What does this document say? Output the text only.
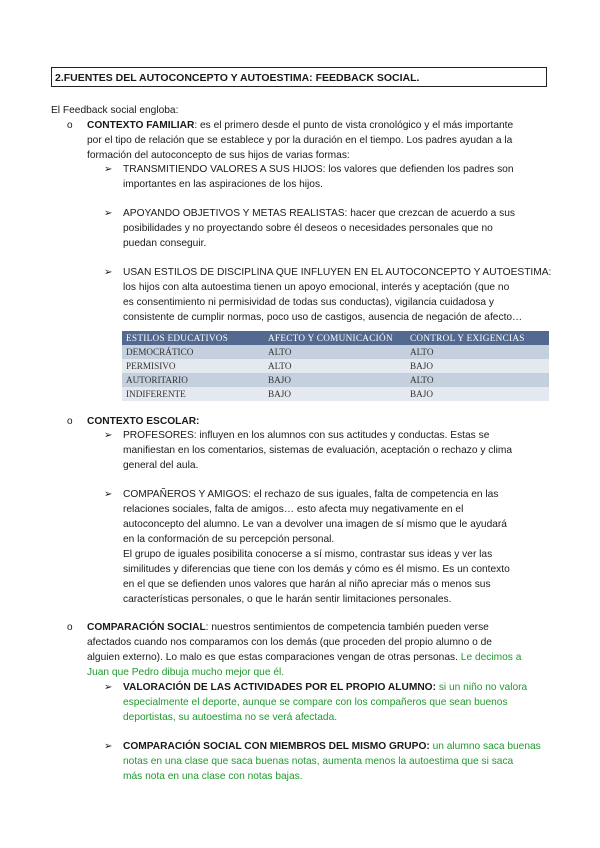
2.FUENTES DEL AUTOCONCEPTO Y AUTOESTIMA: FEEDBACK SOCIAL.
El Feedback social engloba:
o CONTEXTO FAMILIAR: es el primero desde el punto de vista cronológico y el más importante
por el tipo de relación que se establece y por la duración en el tiempo. Los padres ayudan a la
formación del autoconcepto de sus hijos de varias formas:
➢ TRANSMITIENDO VALORES A SUS HIJOS: los valores que defienden los padres son
importantes en las aspiraciones de los hijos.
➢ APOYANDO OBJETIVOS Y METAS REALISTAS: hacer que crezcan de acuerdo a sus
posibilidades y no proyectando sobre él deseos o necesidades personales que no
puedan conseguir.
➢ USAN ESTILOS DE DISCIPLINA QUE INFLUYEN EN EL AUTOCONCEPTO Y AUTOESTIMA:
los hijos con alta autoestima tienen un apoyo emocional, interés y aceptación (que no
es consentimiento ni permisividad de todas sus conductas), vigilancia cuidadosa y
consistente de cumplir normas, poco uso de castigos, ausencia de negación de afecto…
ESTILOS EDUCATIVOS	AFECTO Y COMUNICACIÓN	CONTROL Y EXIGENCIAS
DEMOCRÁTICO	ALTO	ALTO
PERMISIVO	ALTO	BAJO
AUTORITARIO	BAJO	ALTO
INDIFERENTE	BAJO	BAJO
o CONTEXTO ESCOLAR:
➢ PROFESORES: influyen en los alumnos con sus actitudes y conductas. Estas se
manifiestan en los comentarios, sistemas de evaluación, aceptación o rechazo y clima
general del aula.
➢ COMPAÑEROS Y AMIGOS: el rechazo de sus iguales, falta de competencia en las
relaciones sociales, falta de amigos… esto afecta muy negativamente en el
autoconcepto del alumno. Le van a devolver una imagen de sí mismo que le ayudará
en la conformación de su percepción personal.
El grupo de iguales posibilita conocerse a sí mismo, contrastar sus ideas y ver las
similitudes y diferencias que tiene con los demás y cómo es él mismo. Es un contexto
en el que se defienden unos valores que harán al niño apreciar más o menos sus
características personales, o que le harán sentir limitaciones personales.
o COMPARACIÓN SOCIAL: nuestros sentimientos de competencia también pueden verse
afectados cuando nos comparamos con los demás (que proceden del propio alumno o de
alguien externo). Lo malo es que estas comparaciones vengan de otras personas. Le decimos a
Juan que Pedro dibuja mucho mejor que él.
➢ VALORACIÓN DE LAS ACTIVIDADES POR EL PROPIO ALUMNO: si un niño no valora
especialmente el deporte, aunque se compare con los compañeros que sean buenos
deportistas, su autoestima no se verá afectada.
➢ COMPARACIÓN SOCIAL CON MIEMBROS DEL MISMO GRUPO: un alumno saca buenas
notas en una clase que saca buenas notas, aumenta menos la autoestima que si saca
más nota en una clase con notas bajas.
